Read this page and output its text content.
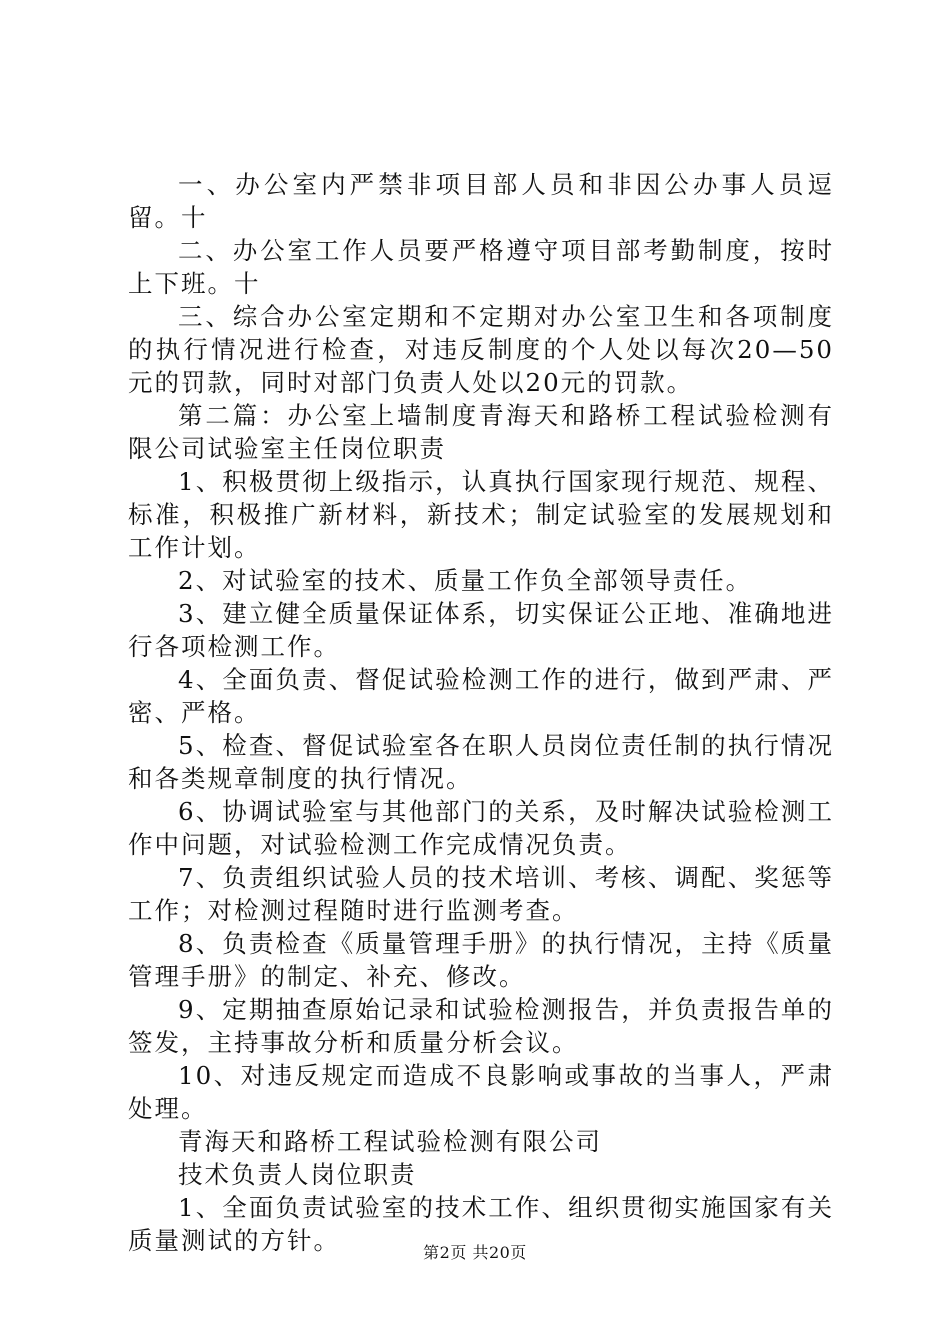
一、办公室内严禁非项目部人员和非因公办事人员逗留。十

二、办公室工作人员要严格遵守项目部考勤制度，按时上下班。十

三、综合办公室定期和不定期对办公室卫生和各项制度的执行情况进行检查，对违反制度的个人处以每次20—50元的罚款，同时对部门负责人处以20元的罚款。

第二篇：办公室上墙制度青海天和路桥工程试验检测有限公司试验室主任岗位职责

1、积极贯彻上级指示，认真执行国家现行规范、规程、标准，积极推广新材料，新技术；制定试验室的发展规划和工作计划。

2、对试验室的技术、质量工作负全部领导责任。

3、建立健全质量保证体系，切实保证公正地、准确地进行各项检测工作。

4、全面负责、督促试验检测工作的进行，做到严肃、严密、严格。

5、检查、督促试验室各在职人员岗位责任制的执行情况和各类规章制度的执行情况。

6、协调试验室与其他部门的关系，及时解决试验检测工作中问题，对试验检测工作完成情况负责。

7、负责组织试验人员的技术培训、考核、调配、奖惩等工作；对检测过程随时进行监测考查。

8、负责检查《质量管理手册》的执行情况，主持《质量管理手册》的制定、补充、修改。

9、定期抽查原始记录和试验检测报告，并负责报告单的签发，主持事故分析和质量分析会议。

10、对违反规定而造成不良影响或事故的当事人，严肃处理。

青海天和路桥工程试验检测有限公司

技术负责人岗位职责

1、全面负责试验室的技术工作、组织贯彻实施国家有关质量测试的方针。	第2页 共20页
